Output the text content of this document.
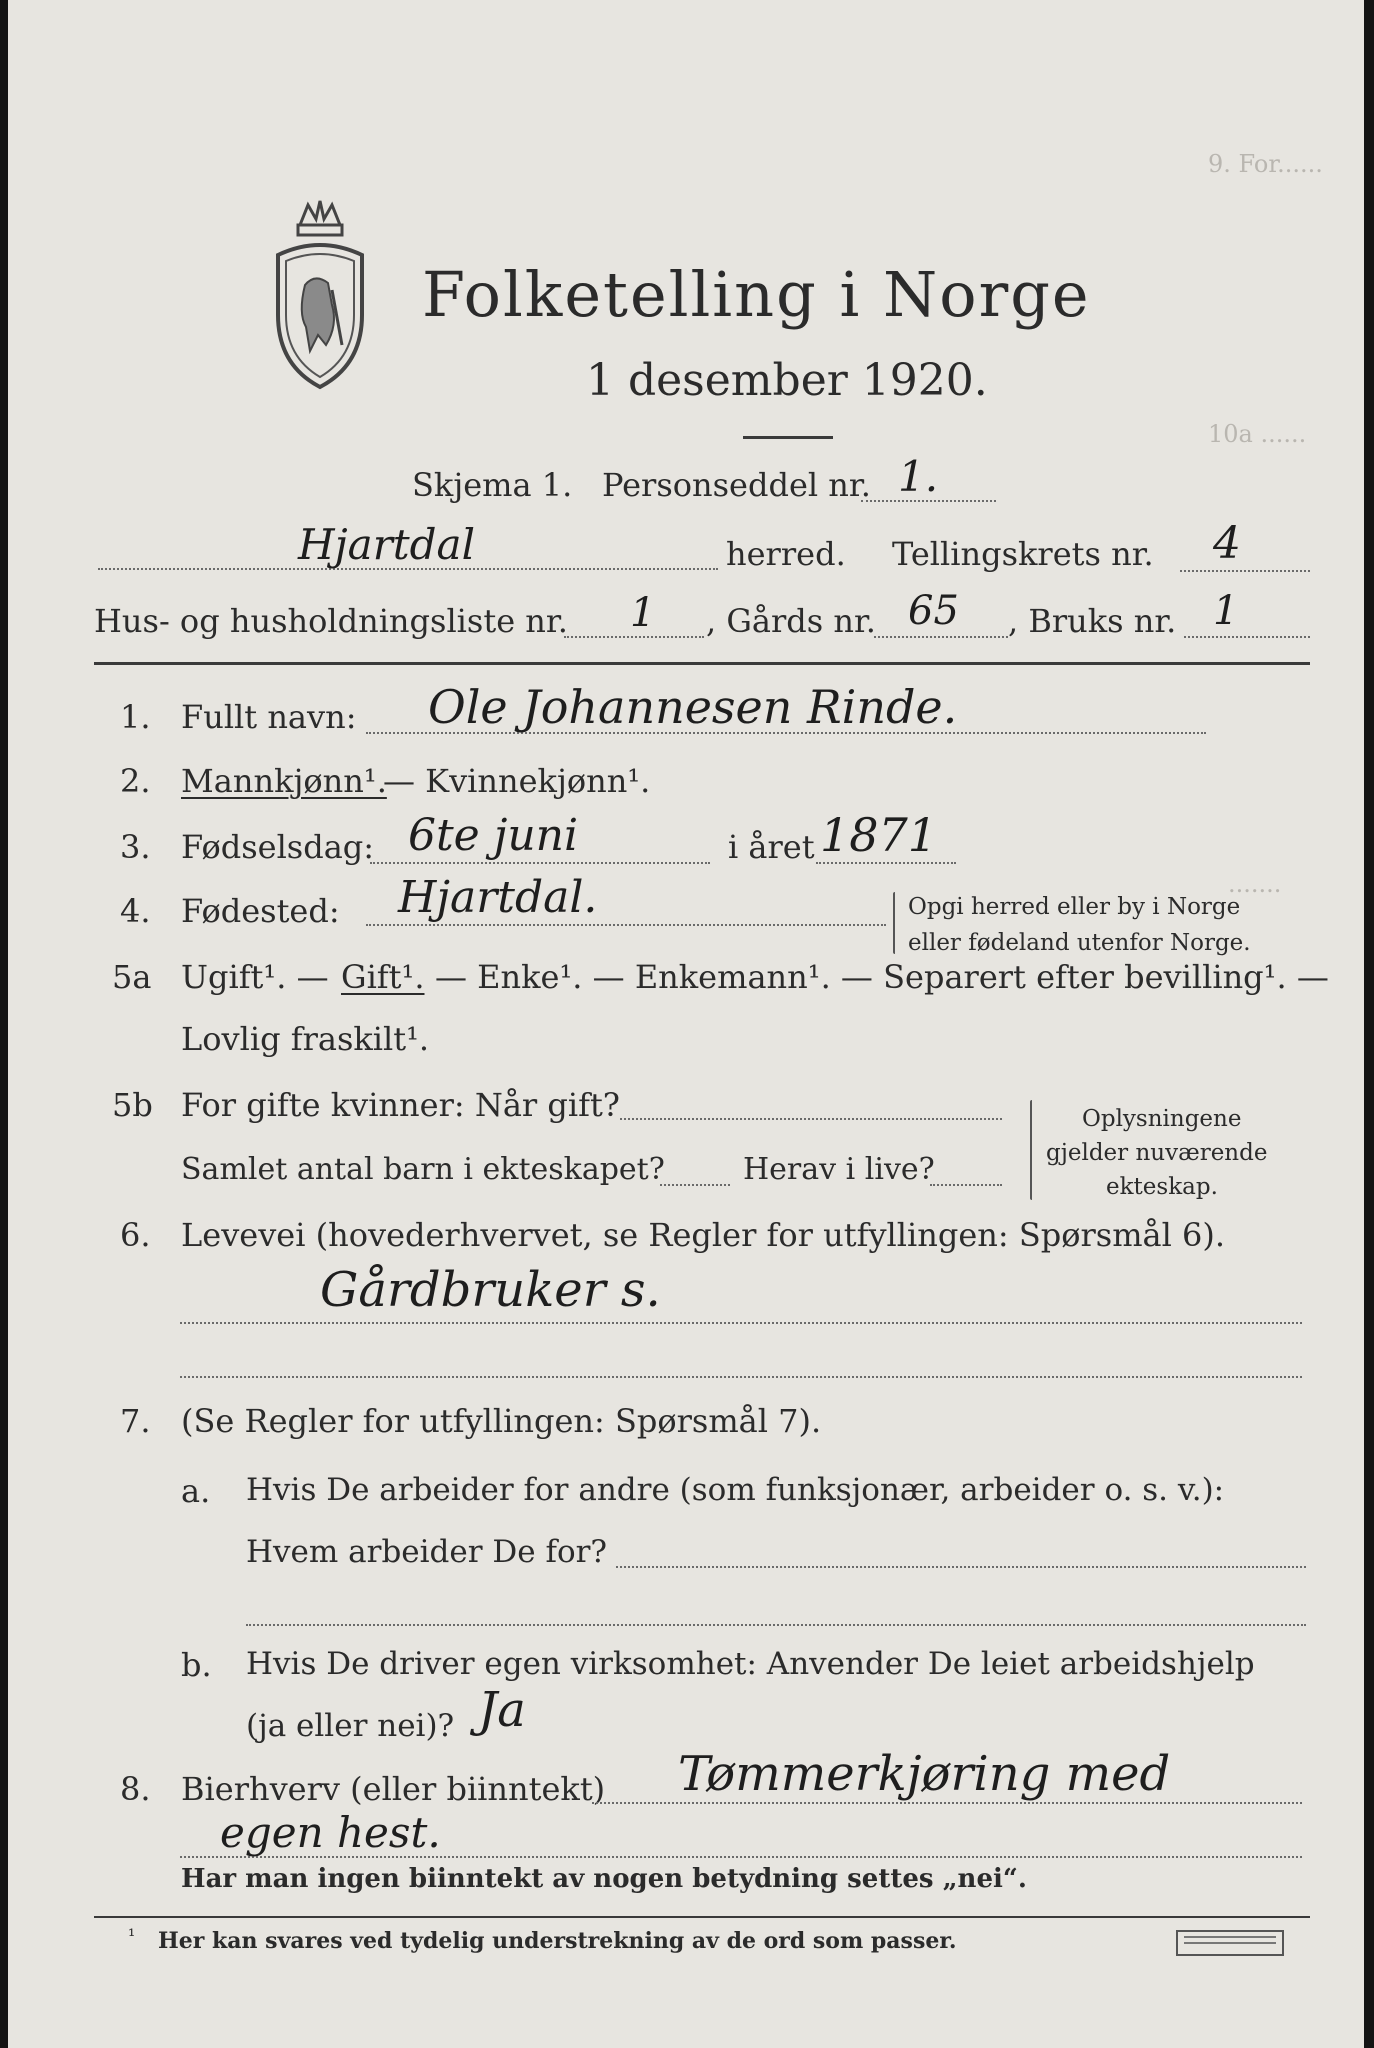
9. For......
10a ......
.......
Folketelling i Norge
1 desember 1920.
Skjema 1. Personseddel nr. 1.
Hjartdal	herred. Tellingskrets nr. 4
Hus- og husholdningsliste nr. 1 , Gårds nr. 65 , Bruks nr. 1
1. Fullt navn: Ole Johannesen Rinde.
2. Mannkjønn¹.
— Kvinnekjønn¹.
3. Fødselsdag: 6te juni	i året 1871
4. Fødested: Hjartdal.	Opgi herred eller by i Norge
eller fødeland utenfor Norge.
5a Ugift¹. — Gift¹. — Enke¹. — Enkemann¹. — Separert efter bevilling¹. —
Lovlig fraskilt¹.
5b For gifte kvinner: Når gift?
Samlet antal barn i ekteskapet?	Herav i live?
Oplysningene
gjelder nuværende
ekteskap.
6. Levevei (hovederhvervet, se Regler for utfyllingen: Spørsmål 6).
Gårdbruker s.
7. (Se Regler for utfyllingen: Spørsmål 7).
a. Hvis De arbeider for andre (som funksjonær, arbeider o. s. v.):
Hvem arbeider De for?
b. Hvis De driver egen virksomhet: Anvender De leiet arbeidshjelp
(ja eller nei)? Ja
8. Bierhverv (eller biinntekt) Tømmerkjøring med
egen hest.
Har man ingen biinntekt av nogen betydning settes „nei“.
¹ Her kan svares ved tydelig understrekning av de ord som passer.
